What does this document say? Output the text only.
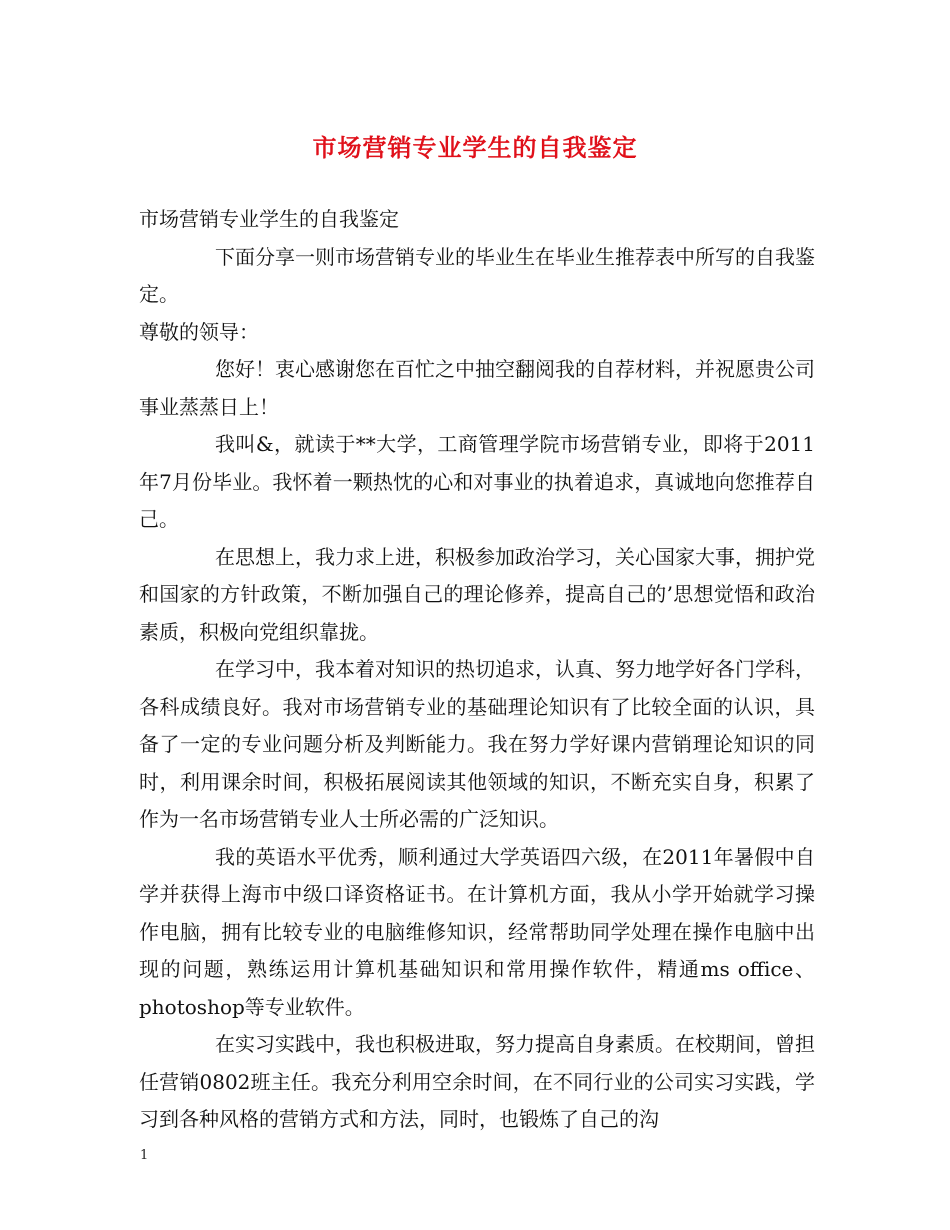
市场营销专业学生的自我鉴定

市场营销专业学生的自我鉴定

下面分享一则市场营销专业的毕业生在毕业生推荐表中所写的自我鉴定。

尊敬的领导：

您好！衷心感谢您在百忙之中抽空翻阅我的自荐材料，并祝愿贵公司事业蒸蒸日上！

我叫&，就读于**大学，工商管理学院市场营销专业，即将于2011年7月份毕业。我怀着一颗热忱的心和对事业的执着追求，真诚地向您推荐自己。

在思想上，我力求上进，积极参加政治学习，关心国家大事，拥护党和国家的方针政策，不断加强自己的理论修养，提高自己的’思想觉悟和政治素质，积极向党组织靠拢。

在学习中，我本着对知识的热切追求，认真、努力地学好各门学科，各科成绩良好。我对市场营销专业的基础理论知识有了比较全面的认识，具备了一定的专业问题分析及判断能力。我在努力学好课内营销理论知识的同时，利用课余时间，积极拓展阅读其他领域的知识，不断充实自身，积累了作为一名市场营销专业人士所必需的广泛知识。

我的英语水平优秀，顺利通过大学英语四六级，在2011年暑假中自学并获得上海市中级口译资格证书。在计算机方面，我从小学开始就学习操作电脑，拥有比较专业的电脑维修知识，经常帮助同学处理在操作电脑中出现的问题，熟练运用计算机基础知识和常用操作软件，精通ms office、photoshop等专业软件。

在实习实践中，我也积极进取，努力提高自身素质。在校期间，曾担任营销0802班主任。我充分利用空余时间，在不同行业的公司实习实践，学习到各种风格的营销方式和方法，同时，也锻炼了自己的沟

1
